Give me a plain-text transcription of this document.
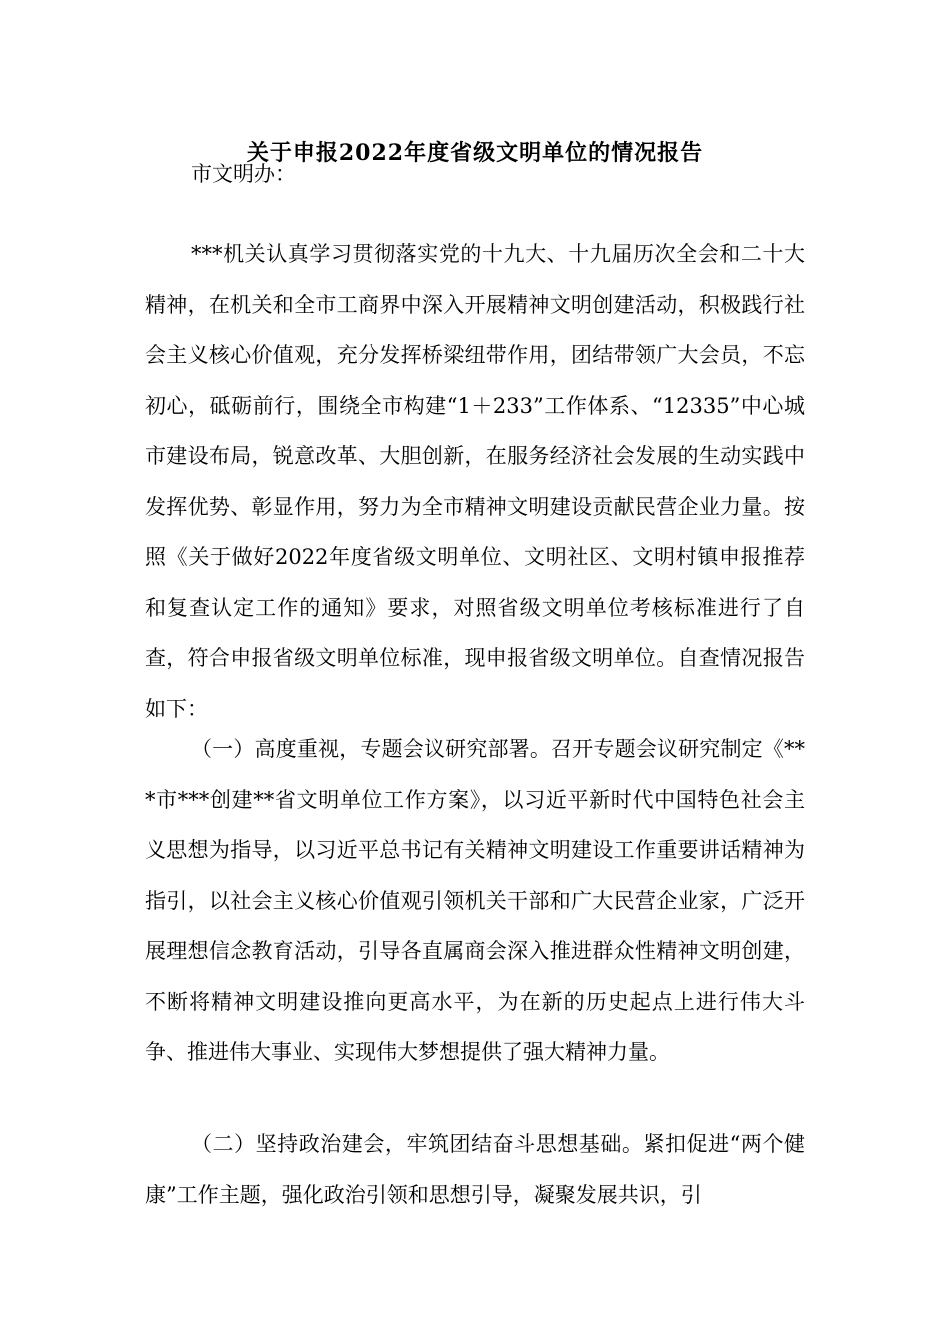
关于申报2022年度省级文明单位的情况报告
市文明办：

***机关认真学习贯彻落实党的十九大、十九届历次全会和二十大精神，在机关和全市工商界中深入开展精神文明创建活动，积极践行社会主义核心价值观，充分发挥桥梁纽带作用，团结带领广大会员，不忘初心，砥砺前行，围绕全市构建“1＋233”工作体系、“12335”中心城市建设布局，锐意改革、大胆创新，在服务经济社会发展的生动实践中发挥优势、彰显作用，努力为全市精神文明建设贡献民营企业力量。按照《关于做好2022年度省级文明单位、文明社区、文明村镇申报推荐和复查认定工作的通知》要求，对照省级文明单位考核标准进行了自查，符合申报省级文明单位标准，现申报省级文明单位。自查情况报告如下：

（一）高度重视，专题会议研究部署。召开专题会议研究制定《***市***创建**省文明单位工作方案》，以习近平新时代中国特色社会主义思想为指导，以习近平总书记有关精神文明建设工作重要讲话精神为指引，以社会主义核心价值观引领机关干部和广大民营企业家，广泛开展理想信念教育活动，引导各直属商会深入推进群众性精神文明创建，不断将精神文明建设推向更高水平，为在新的历史起点上进行伟大斗争、推进伟大事业、实现伟大梦想提供了强大精神力量。

（二）坚持政治建会，牢筑团结奋斗思想基础。紧扣促进“两个健康”工作主题，强化政治引领和思想引导，凝聚发展共识，引
